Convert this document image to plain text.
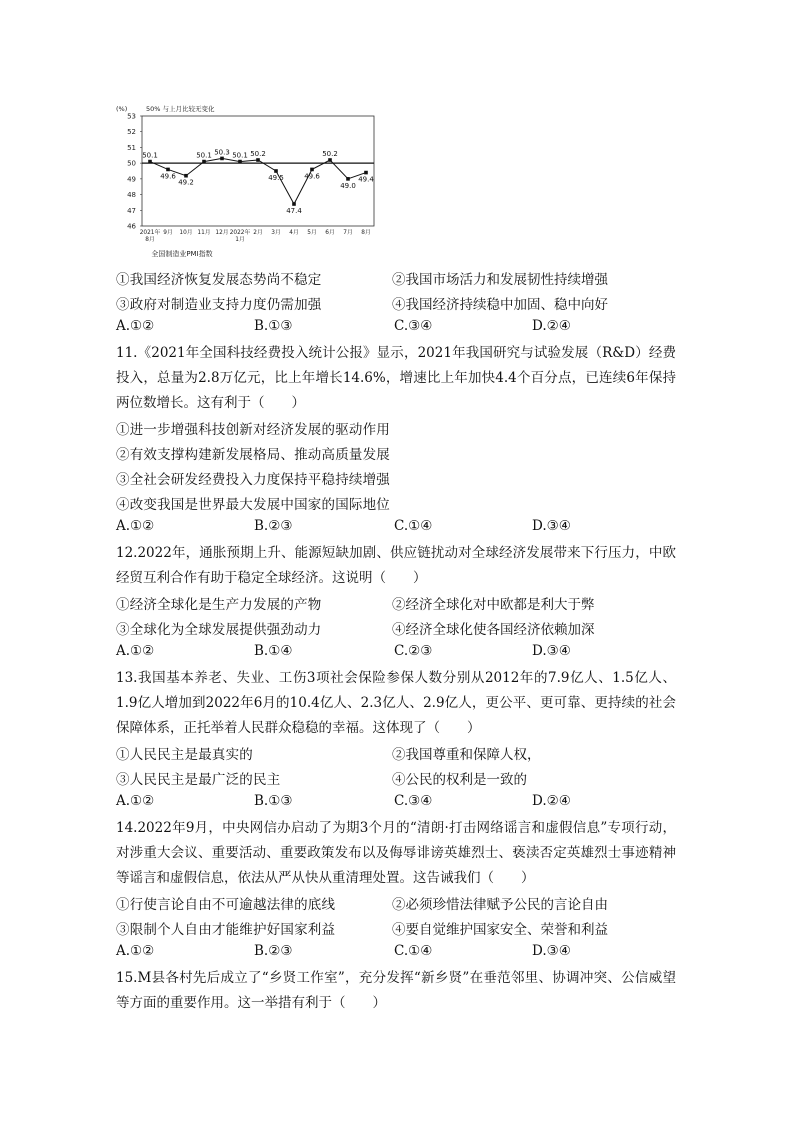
(%)	50% 与上月比较无变化
46
47
48
49
50
51
52
53
50.1
49.6
49.2
50.1 50.3 50.1 50.2
49.5
47.4
49.6
50.2
49.0
49.4
2021年
8月
9月 10月 11月 12月 2022年
1月
2月 3月 4月 5月 6月 7月 8月
全国制造业PMI指数
①我国经济恢复发展态势尚不稳定	②我国市场活力和发展韧性持续增强
③政府对制造业支持力度仍需加强	④我国经济持续稳中加固、稳中向好
A.①②	B.①③	C.③④	D.②④
11.《2021年全国科技经费投入统计公报》显示，2021年我国研究与试验发展（R&D）经费投入，总量为2.8万亿元，比上年增长14.6%，增速比上年加快4.4个百分点，已连续6年保持两位数增长。这有利于（　　）
①进一步增强科技创新对经济发展的驱动作用
②有效支撑构建新发展格局、推动高质量发展
③全社会研发经费投入力度保持平稳持续增强
④改变我国是世界最大发展中国家的国际地位
A.①②	B.②③	C.①④	D.③④
12.2022年，通胀预期上升、能源短缺加剧、供应链扰动对全球经济发展带来下行压力，中欧经贸互利合作有助于稳定全球经济。这说明（　　）
①经济全球化是生产力发展的产物	②经济全球化对中欧都是利大于弊
③全球化为全球发展提供强劲动力	④经济全球化使各国经济依赖加深
A.①②	B.①④	C.②③	D.③④
13.我国基本养老、失业、工伤3项社会保险参保人数分别从2012年的7.9亿人、1.5亿人、1.9亿人增加到2022年6月的10.4亿人、2.3亿人、2.9亿人，更公平、更可靠、更持续的社会保障体系，正托举着人民群众稳稳的幸福。这体现了（　　）
①人民民主是最真实的	②我国尊重和保障人权，
③人民民主是最广泛的民主	④公民的权利是一致的
A.①②	B.①③	C.③④	D.②④
14.2022年9月，中央网信办启动了为期3个月的“清朗·打击网络谣言和虚假信息”专项行动，对涉重大会议、重要活动、重要政策发布以及侮辱诽谤英雄烈士、亵渎否定英雄烈士事迹精神等谣言和虚假信息，依法从严从快从重清理处置。这告诫我们（　　）
①行使言论自由不可逾越法律的底线	②必须珍惜法律赋予公民的言论自由
③限制个人自由才能维护好国家利益	④要自觉维护国家安全、荣誉和利益
A.①②	B.②③	C.①④	D.③④
15.M县各村先后成立了“乡贤工作室”，充分发挥“新乡贤”在垂范邻里、协调冲突、公信威望等方面的重要作用。这一举措有利于（　　）
